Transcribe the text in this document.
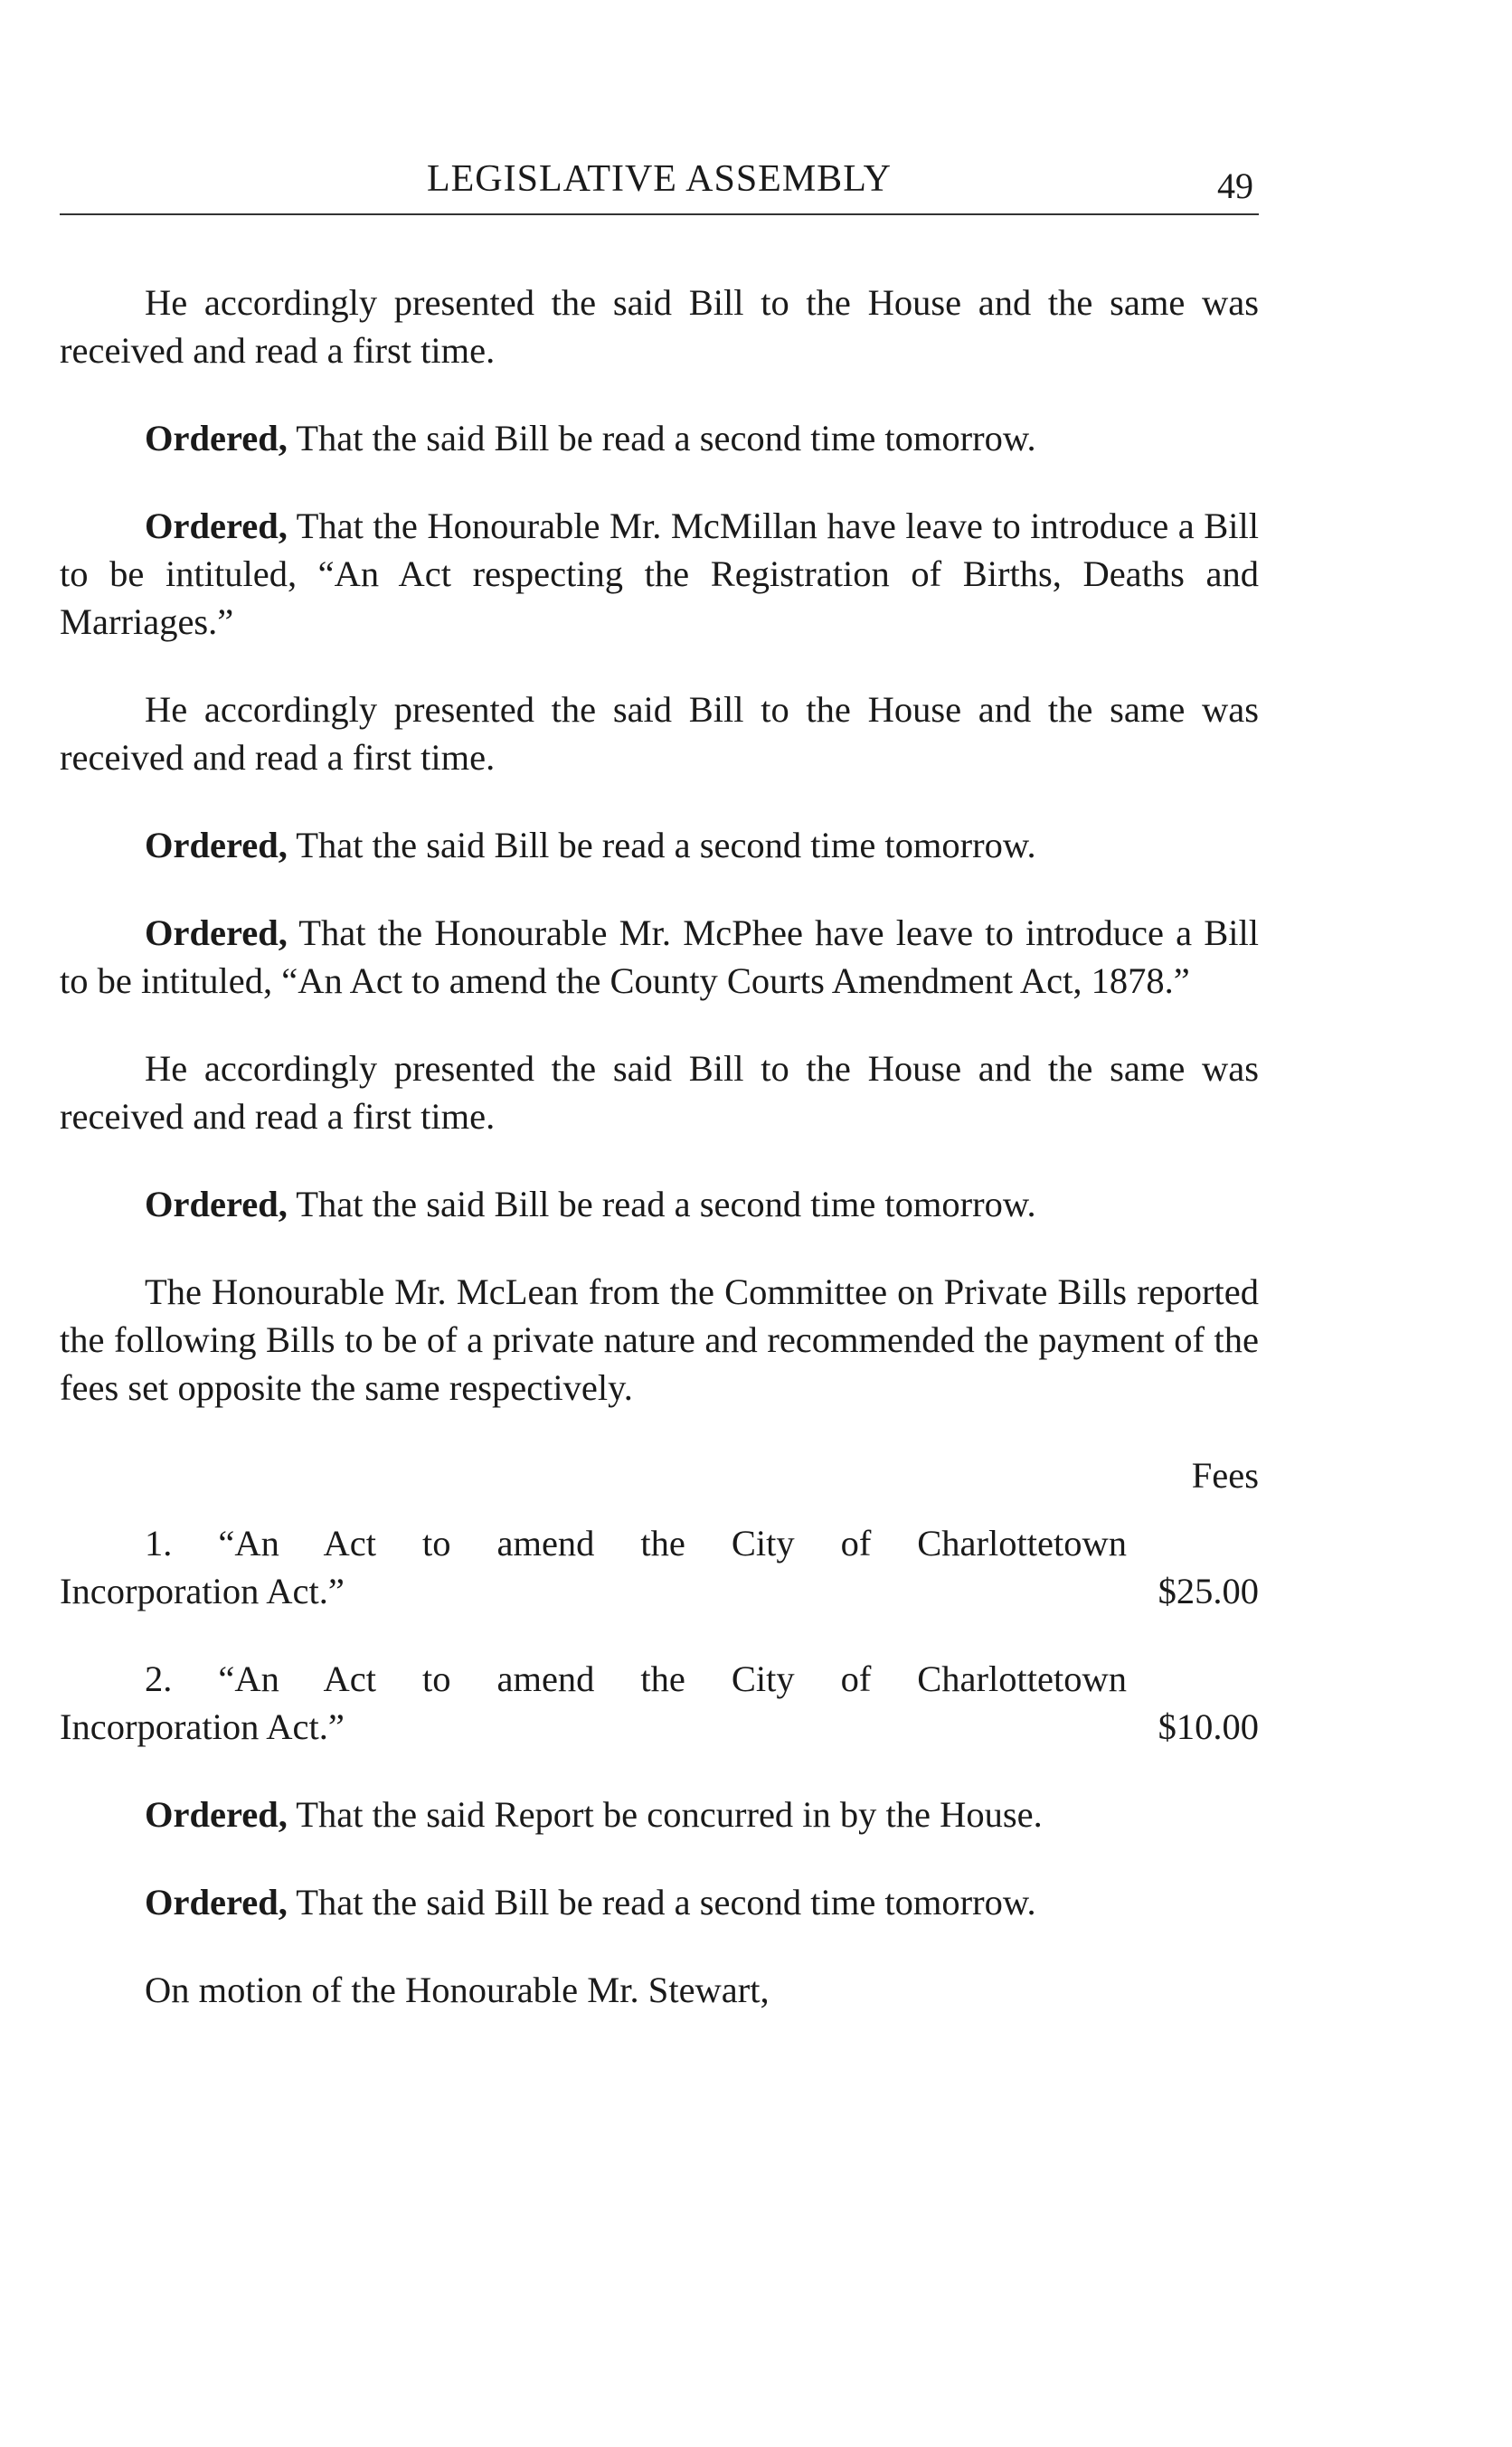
LEGISLATIVE ASSEMBLY	49

He accordingly presented the said Bill to the House and the same was received and read a first time.

Ordered, That the said Bill be read a second time tomorrow.

Ordered, That the Honourable Mr. McMillan have leave to introduce a Bill to be intituled, “An Act respecting the Registration of Births, Deaths and Marriages.”

He accordingly presented the said Bill to the House and the same was received and read a first time.

Ordered, That the said Bill be read a second time tomorrow.

Ordered, That the Honourable Mr. McPhee have leave to introduce a Bill to be intituled, “An Act to amend the County Courts Amendment Act, 1878.”

He accordingly presented the said Bill to the House and the same was received and read a first time.

Ordered, That the said Bill be read a second time tomorrow.

The Honourable Mr. McLean from the Committee on Private Bills reported the following Bills to be of a private nature and recommended the payment of the fees set opposite the same respectively.

Fees
1. “An Act to amend the City of Charlottetown
Incorporation Act.”	$25.00
2. “An Act to amend the City of Charlottetown
Incorporation Act.”	$10.00

Ordered, That the said Report be concurred in by the House.

Ordered, That the said Bill be read a second time tomorrow.

On motion of the Honourable Mr. Stewart,
